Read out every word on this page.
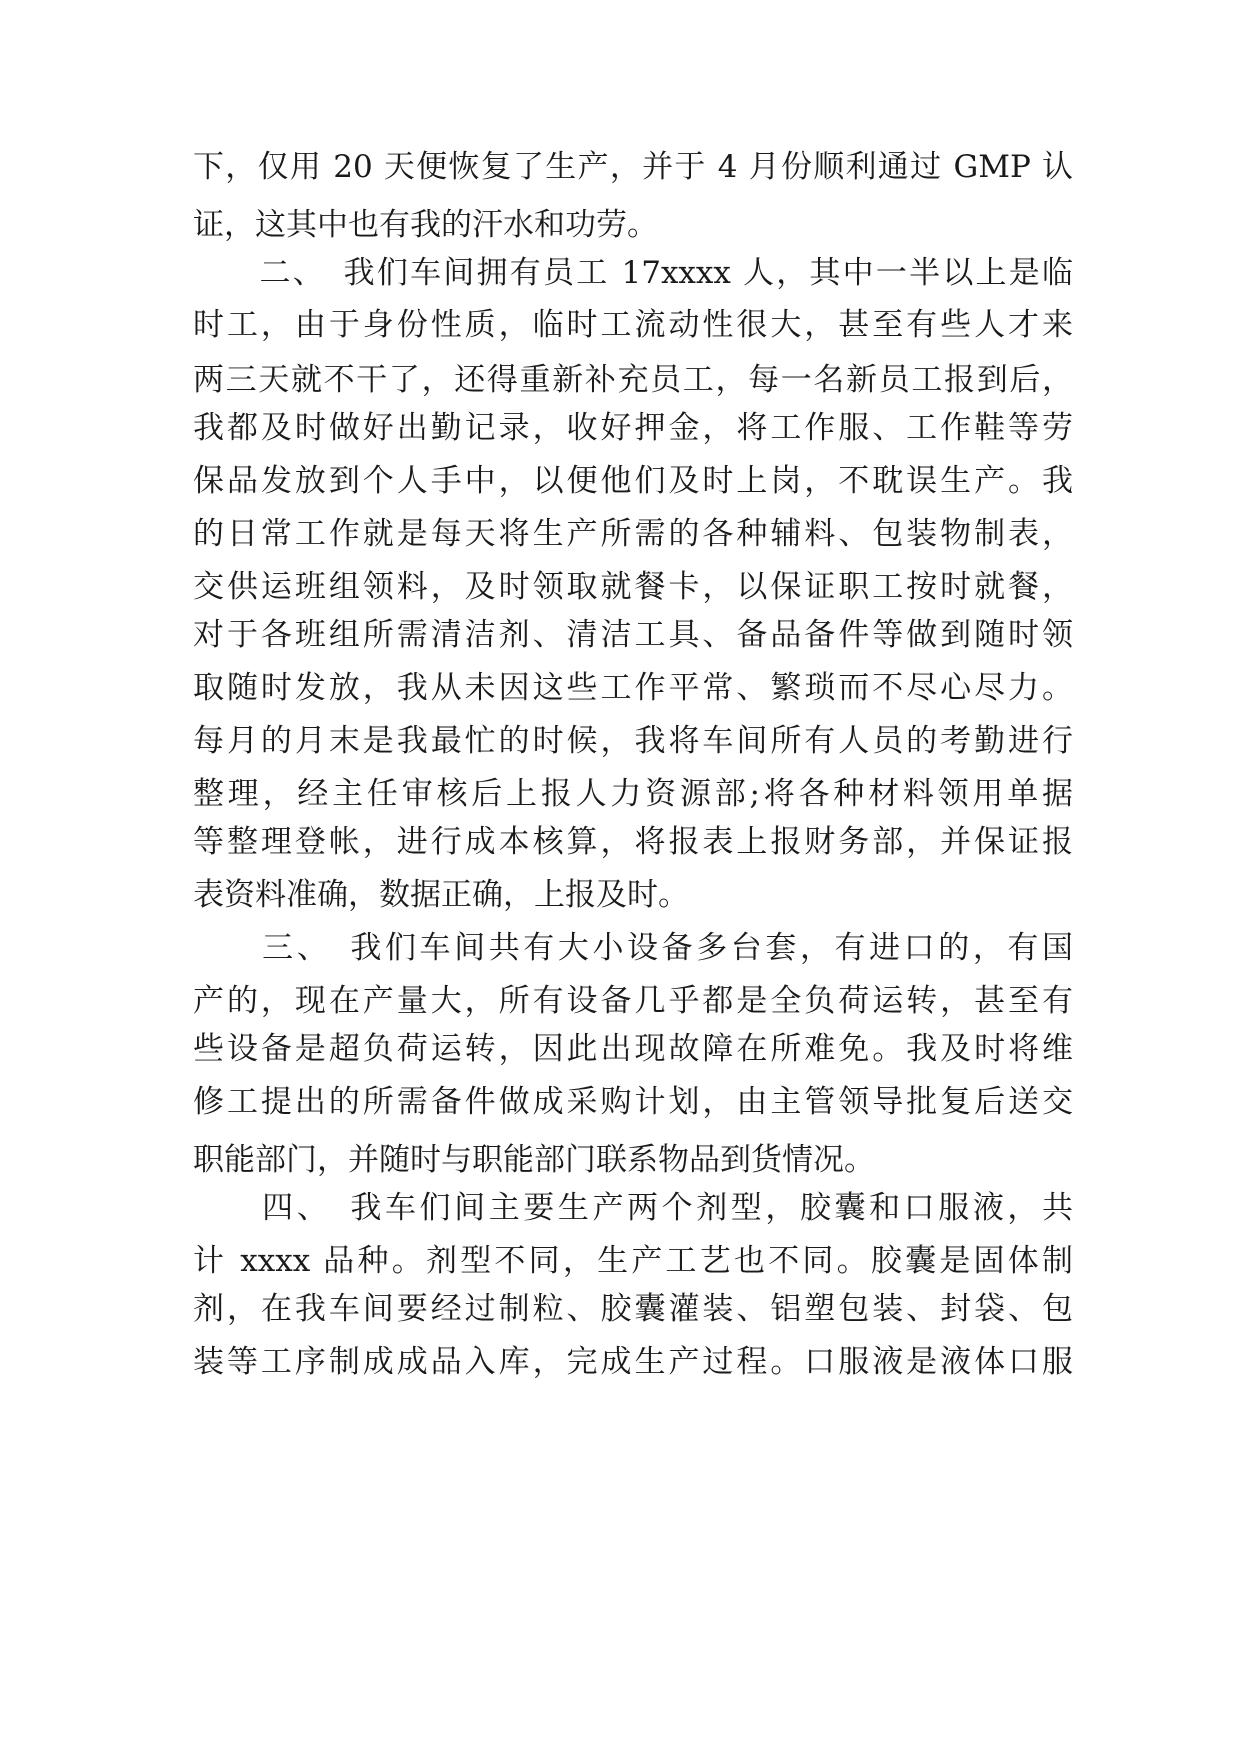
下，仅用 20 天便恢复了生产，并于 4 月份顺利通过 GMP 认
证，这其中也有我的汗水和功劳。
　　二、　我们车间拥有员工 17xxxx 人，其中一半以上是临
时工，由于身份性质，临时工流动性很大，甚至有些人才来
两三天就不干了，还得重新补充员工，每一名新员工报到后，
我都及时做好出勤记录，收好押金，将工作服、工作鞋等劳
保品发放到个人手中，以便他们及时上岗，不耽误生产。我
的日常工作就是每天将生产所需的各种辅料、包装物制表，
交供运班组领料，及时领取就餐卡，以保证职工按时就餐，
对于各班组所需清洁剂、清洁工具、备品备件等做到随时领
取随时发放，我从未因这些工作平常、繁琐而不尽心尽力。
每月的月末是我最忙的时候，我将车间所有人员的考勤进行
整理，经主任审核后上报人力资源部;将各种材料领用单据
等整理登帐，进行成本核算，将报表上报财务部，并保证报
表资料准确，数据正确，上报及时。
　　三、　我们车间共有大小设备多台套，有进口的，有国
产的，现在产量大，所有设备几乎都是全负荷运转，甚至有
些设备是超负荷运转，因此出现故障在所难免。我及时将维
修工提出的所需备件做成采购计划，由主管领导批复后送交
职能部门，并随时与职能部门联系物品到货情况。
　　四、　我车们间主要生产两个剂型，胶囊和口服液，共
计 xxxx 品种。剂型不同，生产工艺也不同。胶囊是固体制
剂，在我车间要经过制粒、胶囊灌装、铝塑包装、封袋、包
装等工序制成成品入库，完成生产过程。口服液是液体口服
